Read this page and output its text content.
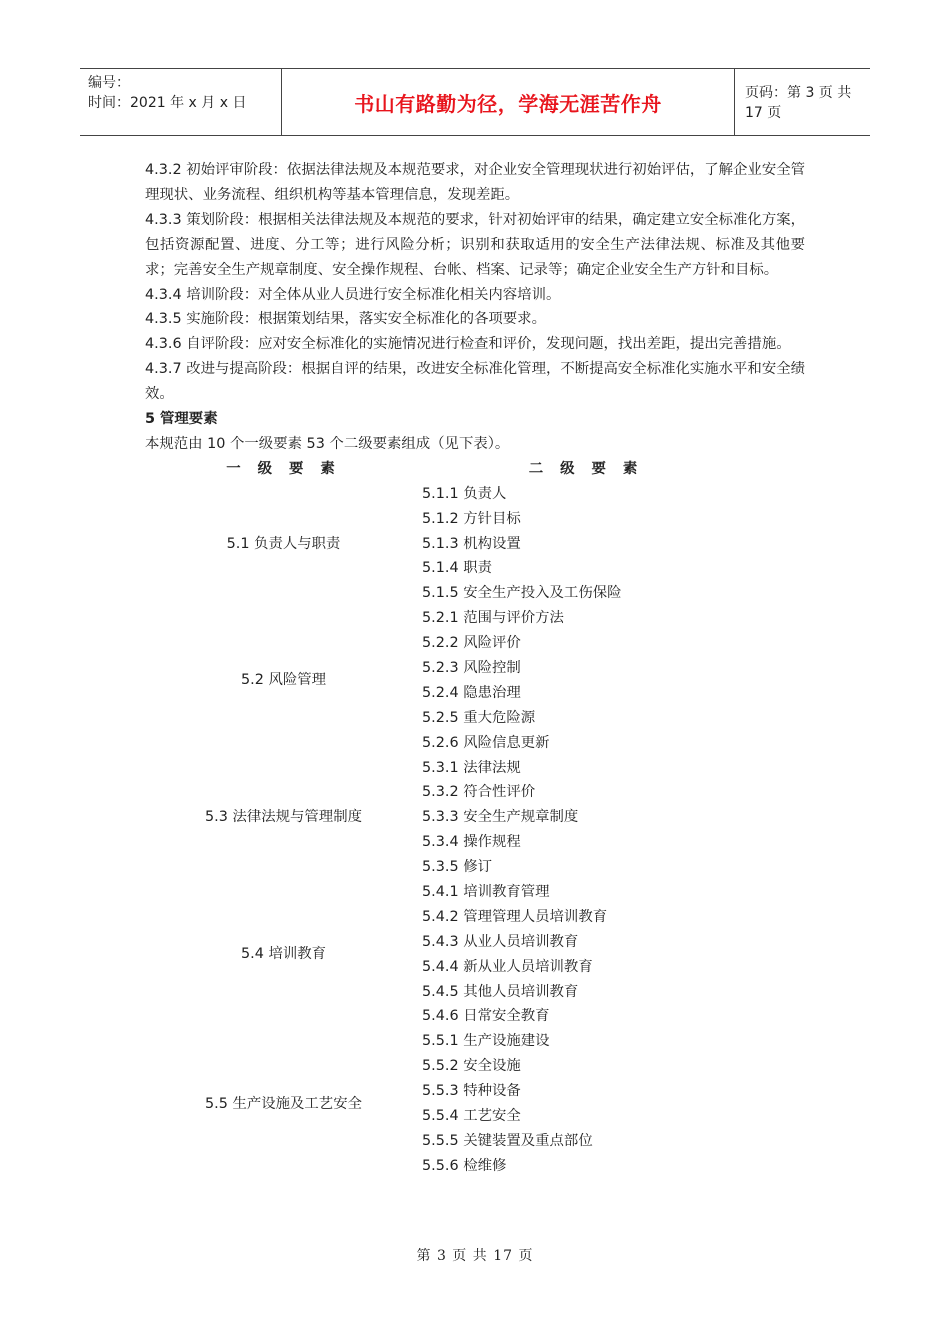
编号：
时间：2021 年 x 月 x 日	书山有路勤为径，学海无涯苦作舟	页码：第 3 页 共 17 页

4.3.2 初始评审阶段：依据法律法规及本规范要求，对企业安全管理现状进行初始评估，了解企业安全管理现状、业务流程、组织机构等基本管理信息，发现差距。

4.3.3 策划阶段：根据相关法律法规及本规范的要求，针对初始评审的结果，确定建立安全标准化方案，包括资源配置、进度、分工等；进行风险分析；识别和获取适用的安全生产法律法规、标准及其他要求；完善安全生产规章制度、安全操作规程、台帐、档案、记录等；确定企业安全生产方针和目标。

4.3.4 培训阶段：对全体从业人员进行安全标准化相关内容培训。

4.3.5 实施阶段：根据策划结果，落实安全标准化的各项要求。

4.3.6 自评阶段：应对安全标准化的实施情况进行检查和评价，发现问题，找出差距，提出完善措施。

4.3.7 改进与提高阶段：根据自评的结果，改进安全标准化管理，不断提高安全标准化实施水平和安全绩效。

5 管理要素

本规范由 10 个一级要素 53 个二级要素组成（见下表）。

一 级 要 素	二 级 要 素
5.1 负责人与职责
5.1.1 负责人
5.1.2 方针目标
5.1.3 机构设置
5.1.4 职责
5.1.5 安全生产投入及工伤保险
5.2 风险管理
5.2.1 范围与评价方法
5.2.2 风险评价
5.2.3 风险控制
5.2.4 隐患治理
5.2.5 重大危险源
5.2.6 风险信息更新
5.3 法律法规与管理制度
5.3.1 法律法规
5.3.2 符合性评价
5.3.3 安全生产规章制度
5.3.4 操作规程
5.3.5 修订
5.4 培训教育
5.4.1 培训教育管理
5.4.2 管理管理人员培训教育
5.4.3 从业人员培训教育
5.4.4 新从业人员培训教育
5.4.5 其他人员培训教育
5.4.6 日常安全教育
5.5 生产设施及工艺安全
5.5.1 生产设施建设
5.5.2 安全设施
5.5.3 特种设备
5.5.4 工艺安全
5.5.5 关键装置及重点部位
5.5.6 检维修
第 3 页 共 17 页
